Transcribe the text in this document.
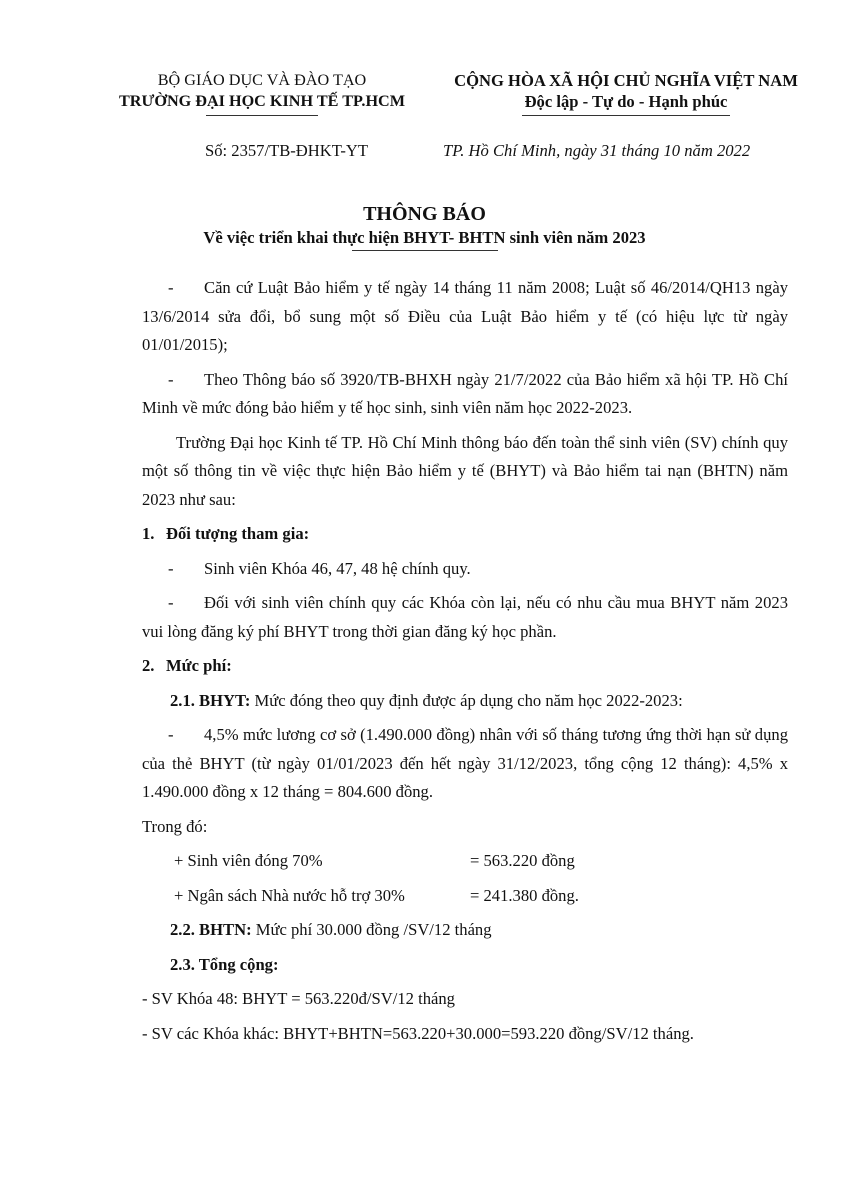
BỘ GIÁO DỤC VÀ ĐÀO TẠO
TRƯỜNG ĐẠI HỌC KINH TẾ TP.HCM
CỘNG HÒA XÃ HỘI CHỦ NGHĨA VIỆT NAM
Độc lập - Tự do - Hạnh phúc
Số: 2357/TB-ĐHKT-YT	TP. Hồ Chí Minh, ngày 31 tháng 10 năm 2022
THÔNG BÁO
Về việc triển khai thực hiện BHYT- BHTN sinh viên năm 2023

- Căn cứ Luật Bảo hiểm y tế ngày 14 tháng 11 năm 2008; Luật số 46/2014/QH13 ngày 13/6/2014 sửa đổi, bổ sung một số Điều của Luật Bảo hiểm y tế (có hiệu lực từ ngày 01/01/2015);

- Theo Thông báo số 3920/TB-BHXH ngày 21/7/2022 của Bảo hiểm xã hội TP. Hồ Chí Minh về mức đóng bảo hiểm y tế học sinh, sinh viên năm học 2022-2023.

Trường Đại học Kinh tế TP. Hồ Chí Minh thông báo đến toàn thể sinh viên (SV) chính quy một số thông tin về việc thực hiện Bảo hiểm y tế (BHYT) và Bảo hiểm tai nạn (BHTN) năm 2023 như sau:

1. Đối tượng tham gia:

- Sinh viên Khóa 46, 47, 48 hệ chính quy.

- Đối với sinh viên chính quy các Khóa còn lại, nếu có nhu cầu mua BHYT năm 2023 vui lòng đăng ký phí BHYT trong thời gian đăng ký học phần.

2. Mức phí:

2.1. BHYT: Mức đóng theo quy định được áp dụng cho năm học 2022-2023:

- 4,5% mức lương cơ sở (1.490.000 đồng) nhân với số tháng tương ứng thời hạn sử dụng của thẻ BHYT (từ ngày 01/01/2023 đến hết ngày 31/12/2023, tổng cộng 12 tháng): 4,5% x 1.490.000 đồng x 12 tháng = 804.600 đồng.

Trong đó:

+ Sinh viên đóng 70%	= 563.220 đồng
+ Ngân sách Nhà nước hỗ trợ 30%	= 241.380 đồng.

2.2. BHTN: Mức phí 30.000 đồng /SV/12 tháng

2.3. Tổng cộng:

- SV Khóa 48: BHYT = 563.220đ/SV/12 tháng

- SV các Khóa khác: BHYT+BHTN=563.220+30.000=593.220 đồng/SV/12 tháng.
